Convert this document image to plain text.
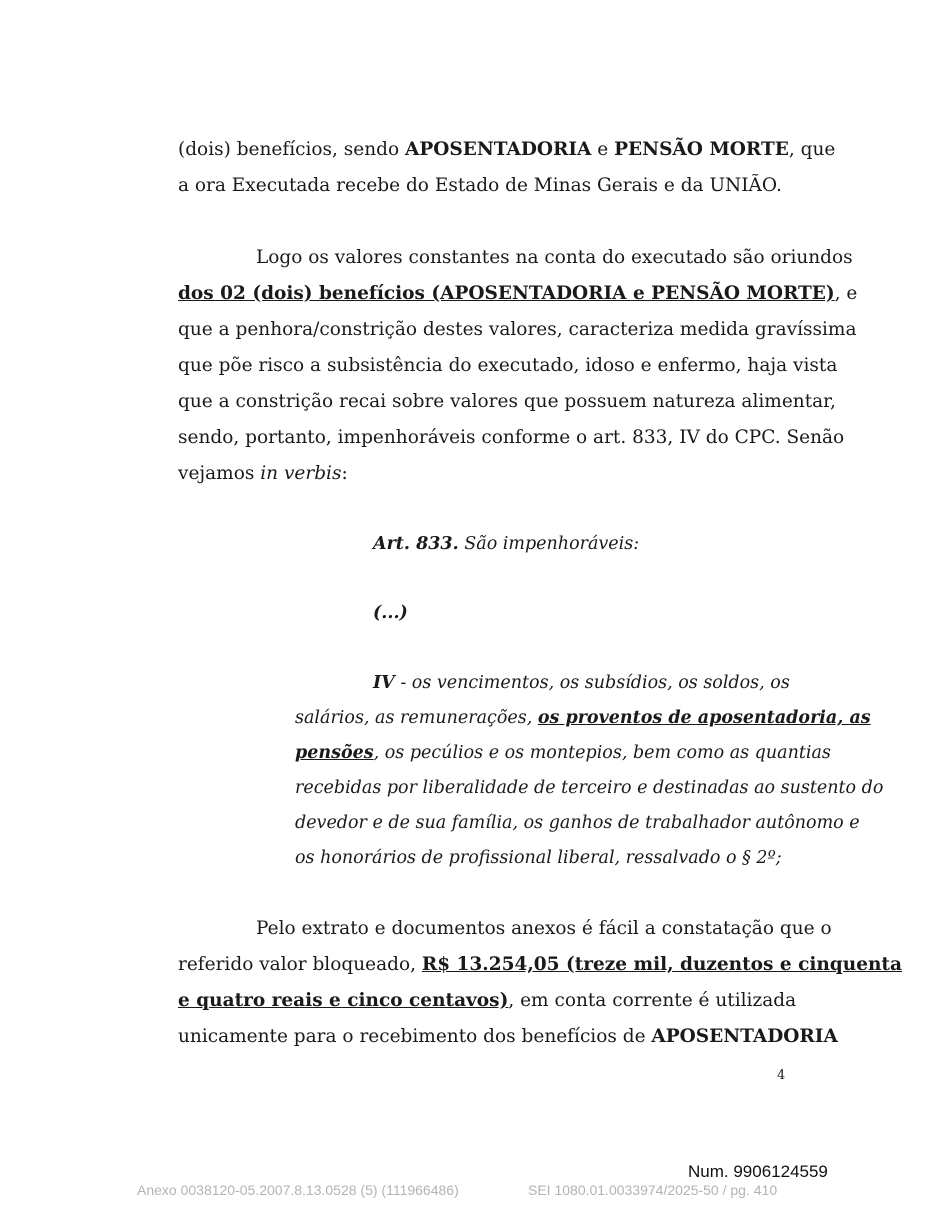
(dois) benefícios, sendo APOSENTADORIA e PENSÃO MORTE, que
a ora Executada recebe do Estado de Minas Gerais e da UNIÃO.
Logo os valores constantes na conta do executado são oriundos
dos 02 (dois) benefícios (APOSENTADORIA e PENSÃO MORTE), e
que a penhora/constrição destes valores, caracteriza medida gravíssima
que põe risco a subsistência do executado, idoso e enfermo, haja vista
que a constrição recai sobre valores que possuem natureza alimentar,
sendo, portanto, impenhoráveis conforme o art. 833, IV do CPC. Senão
vejamos in verbis:
Art. 833. São impenhoráveis:
(...)
IV - os vencimentos, os subsídios, os soldos, os
salários, as remunerações, os proventos de aposentadoria, as
pensões, os pecúlios e os montepios, bem como as quantias
recebidas por liberalidade de terceiro e destinadas ao sustento do
devedor e de sua família, os ganhos de trabalhador autônomo e
os honorários de profissional liberal, ressalvado o § 2º;
Pelo extrato e documentos anexos é fácil a constatação que o
referido valor bloqueado, R$ 13.254,05 (treze mil, duzentos e cinquenta
e quatro reais e cinco centavos), em conta corrente é utilizada
unicamente para o recebimento dos benefícios de APOSENTADORIA
4
Num. 9906124559
Anexo 0038120-05.2007.8.13.0528 (5) (111966486)	SEI 1080.01.0033974/2025-50 / pg. 410
